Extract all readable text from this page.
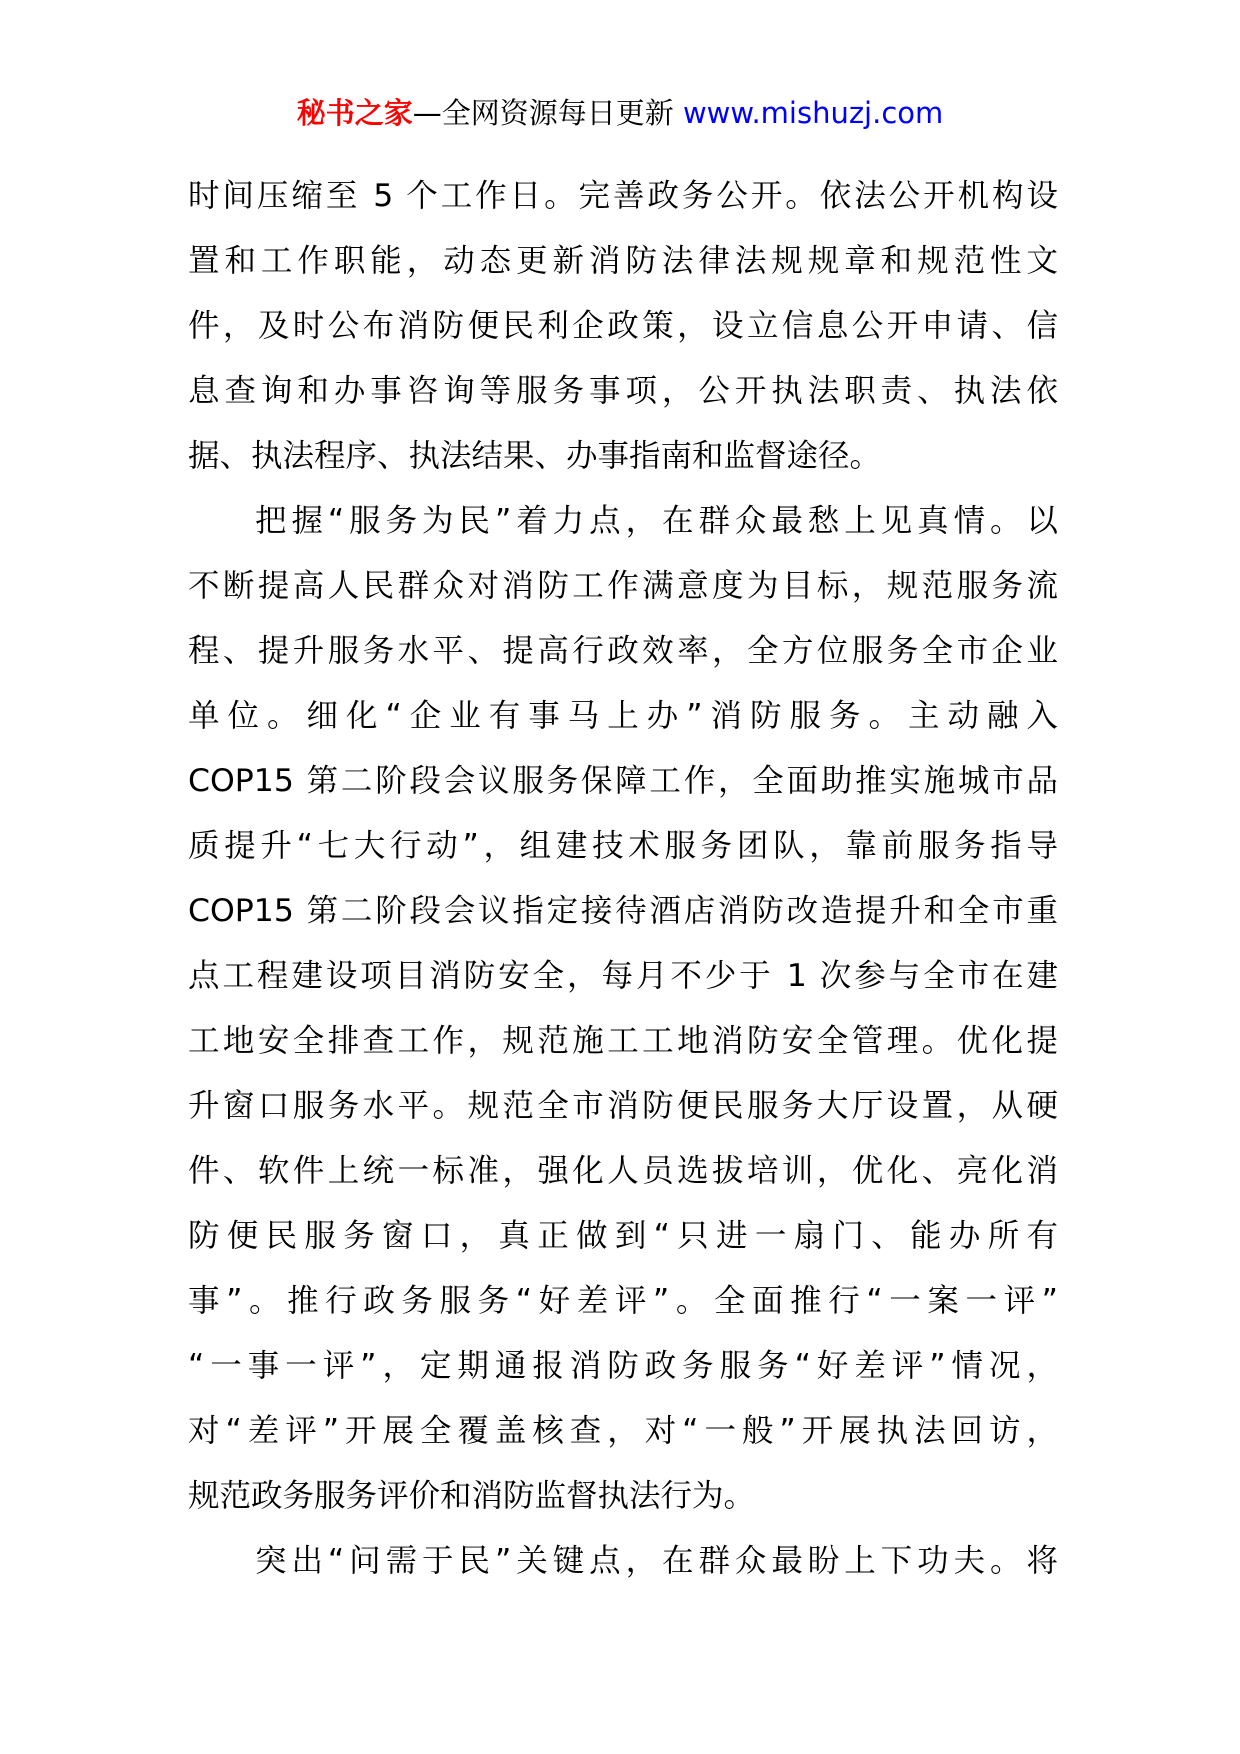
秘书之家—全网资源每日更新 www.mishuzj.com
时间压缩至 5 个工作日。完善政务公开。依法公开机构设
置和工作职能，动态更新消防法律法规规章和规范性文
件，及时公布消防便民利企政策，设立信息公开申请、信
息查询和办事咨询等服务事项，公开执法职责、执法依
据、执法程序、执法结果、办事指南和监督途径。
把握“服务为民”着力点，在群众最愁上见真情。以
不断提高人民群众对消防工作满意度为目标，规范服务流
程、提升服务水平、提高行政效率，全方位服务全市企业
单位。细化“企业有事马上办”消防服务。主动融入
COP15 第二阶段会议服务保障工作，全面助推实施城市品
质提升“七大行动”，组建技术服务团队，靠前服务指导
COP15 第二阶段会议指定接待酒店消防改造提升和全市重
点工程建设项目消防安全，每月不少于 1 次参与全市在建
工地安全排查工作，规范施工工地消防安全管理。优化提
升窗口服务水平。规范全市消防便民服务大厅设置，从硬
件、软件上统一标准，强化人员选拔培训，优化、亮化消
防便民服务窗口，真正做到“只进一扇门、能办所有
事”。推行政务服务“好差评”。全面推行“一案一评”
“一事一评”，定期通报消防政务服务“好差评”情况，
对“差评”开展全覆盖核查，对“一般”开展执法回访，
规范政务服务评价和消防监督执法行为。
突出“问需于民”关键点，在群众最盼上下功夫。将
